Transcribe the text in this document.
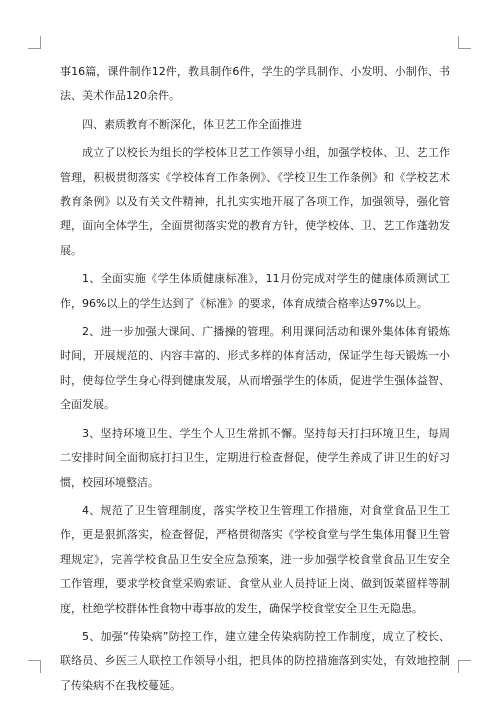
事16篇，课件制作12件，教具制作6件，学生的学具制作、小发明、小制作、书法、美术作品120余件。

四、素质教育不断深化，体卫艺工作全面推进

成立了以校长为组长的学校体卫艺工作领导小组，加强学校体、卫、艺工作管理，积极贯彻落实《学校体育工作条例》、《学校卫生工作条例》和《学校艺术教育条例》以及有关文件精神，扎扎实实地开展了各项工作，加强领导，强化管理，面向全体学生，全面贯彻落实党的教育方针，使学校体、卫、艺工作蓬勃发展。

1、全面实施《学生体质健康标准》，11月份完成对学生的健康体质测试工作，96%以上的学生达到了《标准》的要求，体育成绩合格率达97%以上。

2、进一步加强大课间、广播操的管理。利用课间活动和课外集体体育锻炼时间，开展规范的、内容丰富的、形式多样的体育活动，保证学生每天锻炼一小时，使每位学生身心得到健康发展，从而增强学生的体质，促进学生强体益智、全面发展。

3、坚持环境卫生、学生个人卫生常抓不懈。坚持每天打扫环境卫生，每周二安排时间全面彻底打扫卫生，定期进行检查督促，使学生养成了讲卫生的好习惯，校园环境整洁。

4、规范了卫生管理制度，落实学校卫生管理工作措施，对食堂食品卫生工作，更是狠抓落实，检查督促，严格贯彻落实《学校食堂与学生集体用餐卫生管理规定》，完善学校食品卫生安全应急预案，进一步加强学校食堂食品卫生安全工作管理，要求学校食堂采购索证、食堂从业人员持证上岗、做到饭菜留样等制度，杜绝学校群体性食物中毒事故的发生，确保学校食堂安全卫生无隐患。

5、加强“传染病”防控工作，建立建全传染病防控工作制度，成立了校长、联络员、乡医三人联控工作领导小组，把具体的防控措施落到实处，有效地控制了传染病不在我校蔓延。
